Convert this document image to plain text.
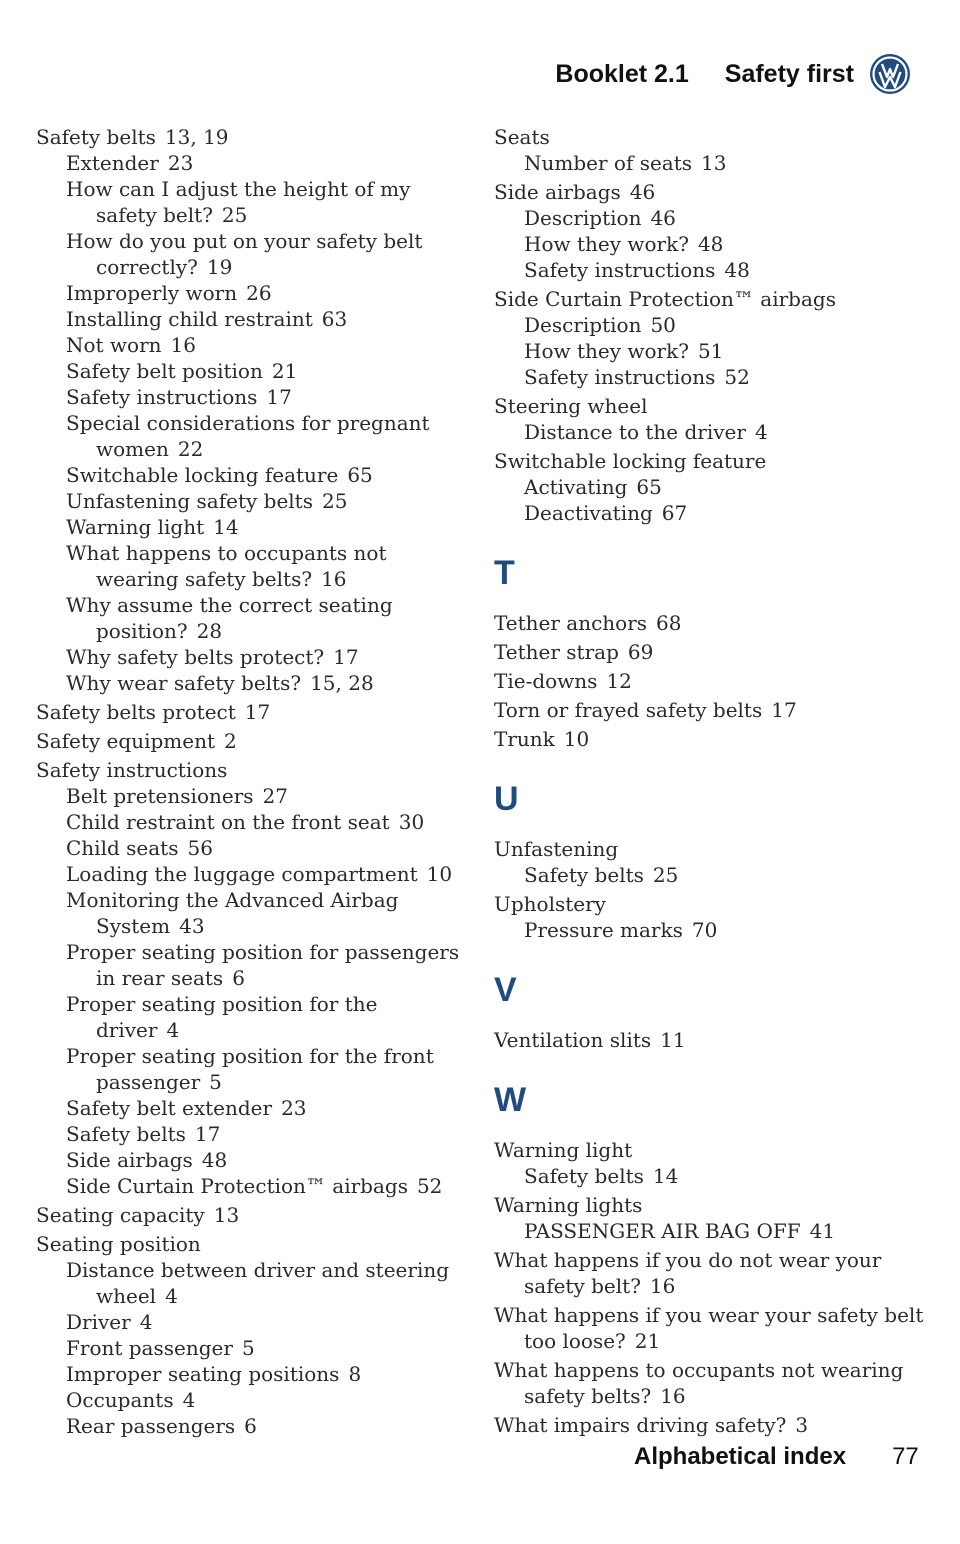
Booklet 2.1 Safety first

Safety belts 13, 19

Extender 23

How can I adjust the height of my safety belt? 25

How do you put on your safety belt correctly? 19

Improperly worn 26

Installing child restraint 63

Not worn 16

Safety belt position 21

Safety instructions 17

Special considerations for pregnant women 22

Switchable locking feature 65

Unfastening safety belts 25

Warning light 14

What happens to occupants not wearing safety belts? 16

Why assume the correct seating position? 28

Why safety belts protect? 17

Why wear safety belts? 15, 28

Safety belts protect 17

Safety equipment 2

Safety instructions

Belt pretensioners 27

Child restraint on the front seat 30

Child seats 56

Loading the luggage compartment 10

Monitoring the Advanced Airbag System 43

Proper seating position for passengers in rear seats 6

Proper seating position for the driver 4

Proper seating position for the front passenger 5

Safety belt extender 23

Safety belts 17

Side airbags 48

Side Curtain Protection™ airbags 52

Seating capacity 13

Seating position

Distance between driver and steering wheel 4

Driver 4

Front passenger 5

Improper seating positions 8

Occupants 4

Rear passengers 6

Seats

Number of seats 13

Side airbags 46

Description 46

How they work? 48

Safety instructions 48

Side Curtain Protection™ airbags

Description 50

How they work? 51

Safety instructions 52

Steering wheel

Distance to the driver 4

Switchable locking feature

Activating 65

Deactivating 67

T

Tether anchors 68

Tether strap 69

Tie-downs 12

Torn or frayed safety belts 17

Trunk 10

U

Unfastening

Safety belts 25

Upholstery

Pressure marks 70

V

Ventilation slits 11

W

Warning light

Safety belts 14

Warning lights

PASSENGER AIR BAG OFF 41

What happens if you do not wear your safety belt? 16

What happens if you wear your safety belt too loose? 21

What happens to occupants not wearing safety belts? 16

What impairs driving safety? 3

Alphabetical index 77
